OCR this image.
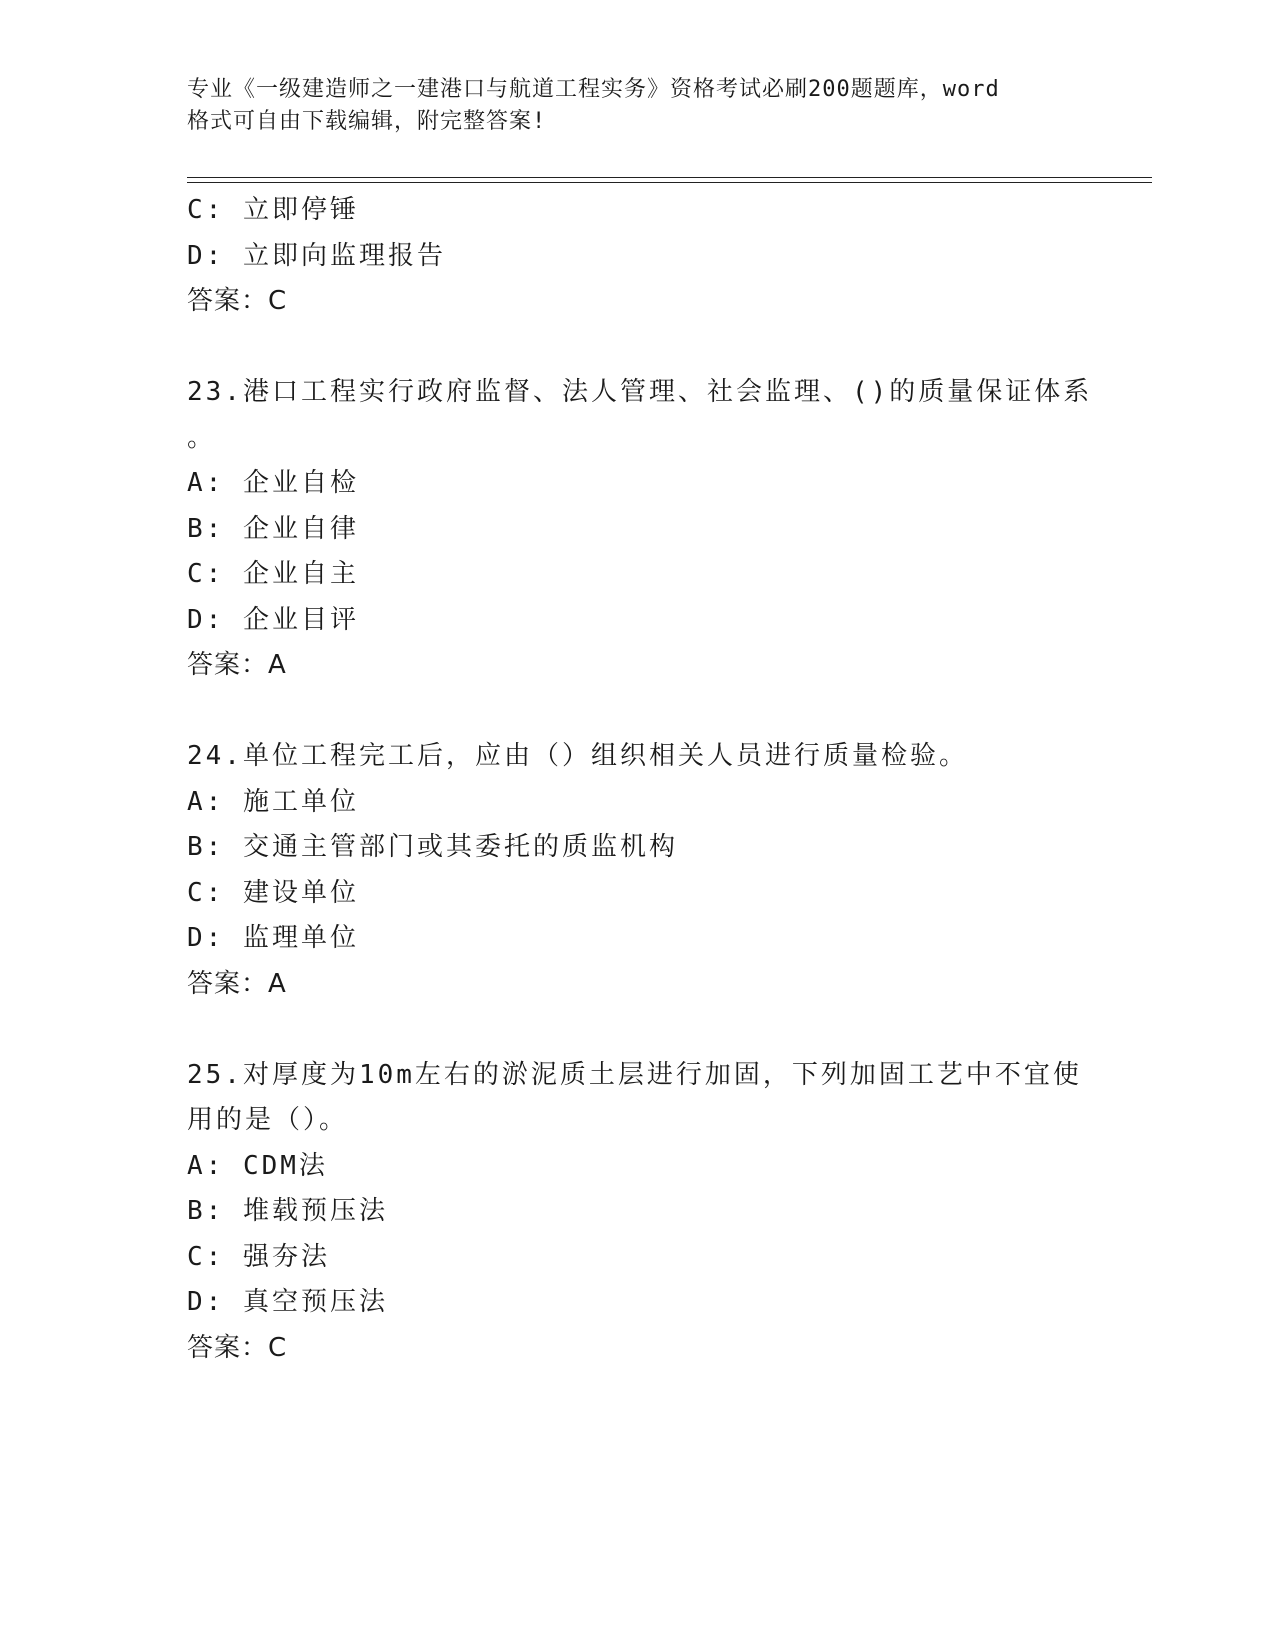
专业《一级建造师之一建港口与航道工程实务》资格考试必刷200题题库，word
格式可自由下载编辑，附完整答案!
C: 立即停锤
D: 立即向监理报告
答案：C
23.港口工程实行政府监督、法人管理、社会监理、()的质量保证体系
。
A: 企业自检
B: 企业自律
C: 企业自主
D: 企业目评
答案：A
24.单位工程完工后，应由（）组织相关人员进行质量检验。
A: 施工单位
B: 交通主管部门或其委托的质监机构
C: 建设单位
D: 监理单位
答案：A
25.对厚度为10m左右的淤泥质土层进行加固，下列加固工艺中不宜使
用的是（）。
A: CDM法
B: 堆载预压法
C: 强夯法
D: 真空预压法
答案：C
